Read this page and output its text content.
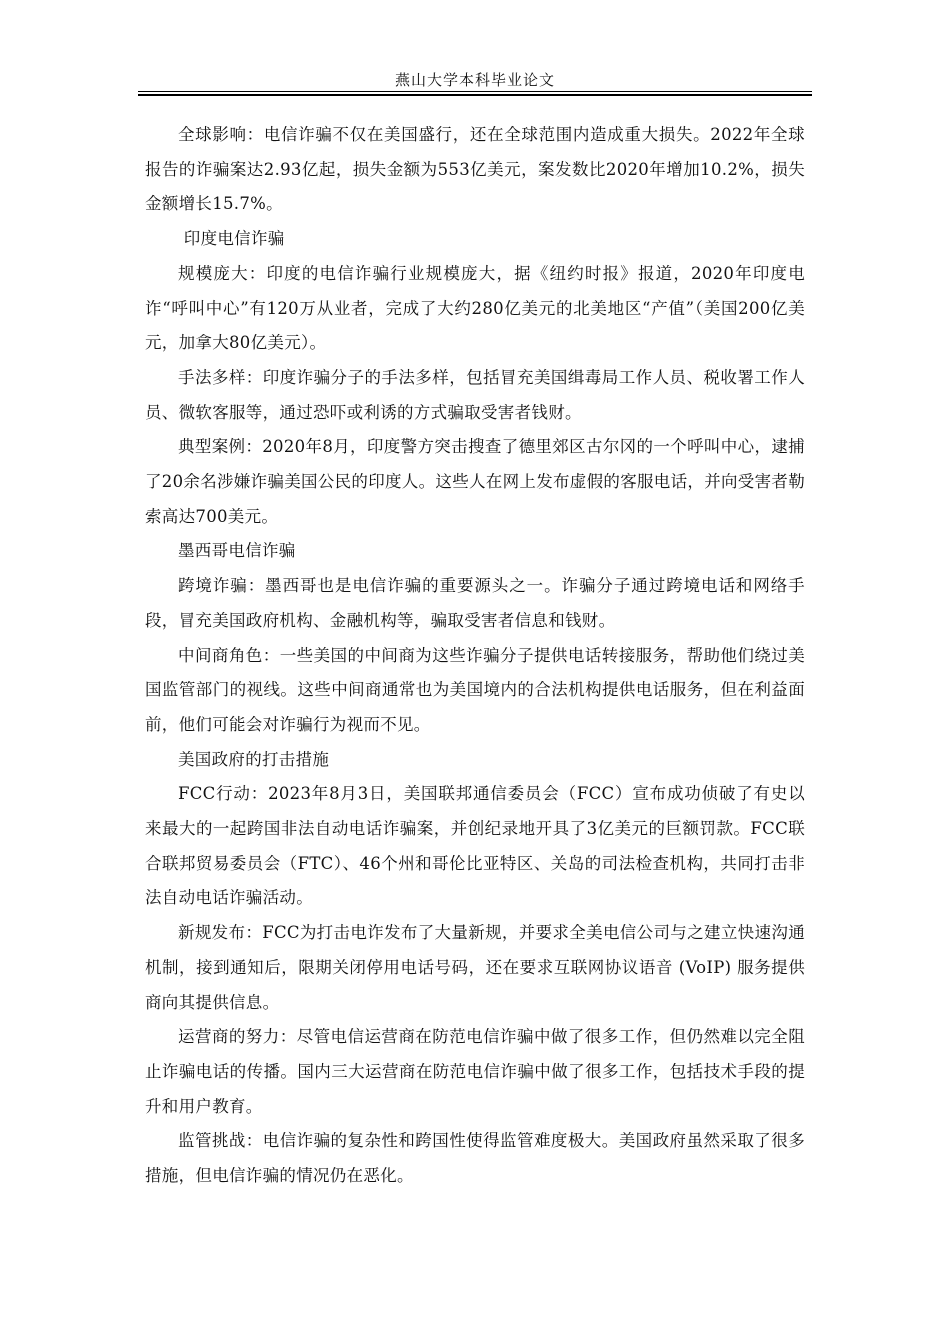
燕山大学本科毕业论文

全球影响：电信诈骗不仅在美国盛行，还在全球范围内造成重大损失。2022年全球报告的诈骗案达2.93亿起，损失金额为553亿美元，案发数比2020年增加10.2%，损失金额增长15.7%。

印度电信诈骗

规模庞大：印度的电信诈骗行业规模庞大，据《纽约时报》报道，2020年印度电诈“呼叫中心”有120万从业者，完成了大约280亿美元的北美地区“产值”（美国200亿美元，加拿大80亿美元）。

手法多样：印度诈骗分子的手法多样，包括冒充美国缉毒局工作人员、税收署工作人员、微软客服等，通过恐吓或利诱的方式骗取受害者钱财。

典型案例：2020年8月，印度警方突击搜查了德里郊区古尔冈的一个呼叫中心，逮捕了20余名涉嫌诈骗美国公民的印度人。这些人在网上发布虚假的客服电话，并向受害者勒索高达700美元。

墨西哥电信诈骗

跨境诈骗：墨西哥也是电信诈骗的重要源头之一。诈骗分子通过跨境电话和网络手段，冒充美国政府机构、金融机构等，骗取受害者信息和钱财。

中间商角色：一些美国的中间商为这些诈骗分子提供电话转接服务，帮助他们绕过美国监管部门的视线。这些中间商通常也为美国境内的合法机构提供电话服务，但在利益面前，他们可能会对诈骗行为视而不见。

美国政府的打击措施

FCC行动：2023年8月3日，美国联邦通信委员会（FCC）宣布成功侦破了有史以来最大的一起跨国非法自动电话诈骗案，并创纪录地开具了3亿美元的巨额罚款。FCC联合联邦贸易委员会（FTC）、46个州和哥伦比亚特区、关岛的司法检查机构，共同打击非法自动电话诈骗活动。

新规发布：FCC为打击电诈发布了大量新规，并要求全美电信公司与之建立快速沟通机制，接到通知后，限期关闭停用电话号码，还在要求互联网协议语音 (VoIP) 服务提供商向其提供信息。

运营商的努力：尽管电信运营商在防范电信诈骗中做了很多工作，但仍然难以完全阻止诈骗电话的传播。国内三大运营商在防范电信诈骗中做了很多工作，包括技术手段的提升和用户教育。

监管挑战：电信诈骗的复杂性和跨国性使得监管难度极大。美国政府虽然采取了很多措施，但电信诈骗的情况仍在恶化。
